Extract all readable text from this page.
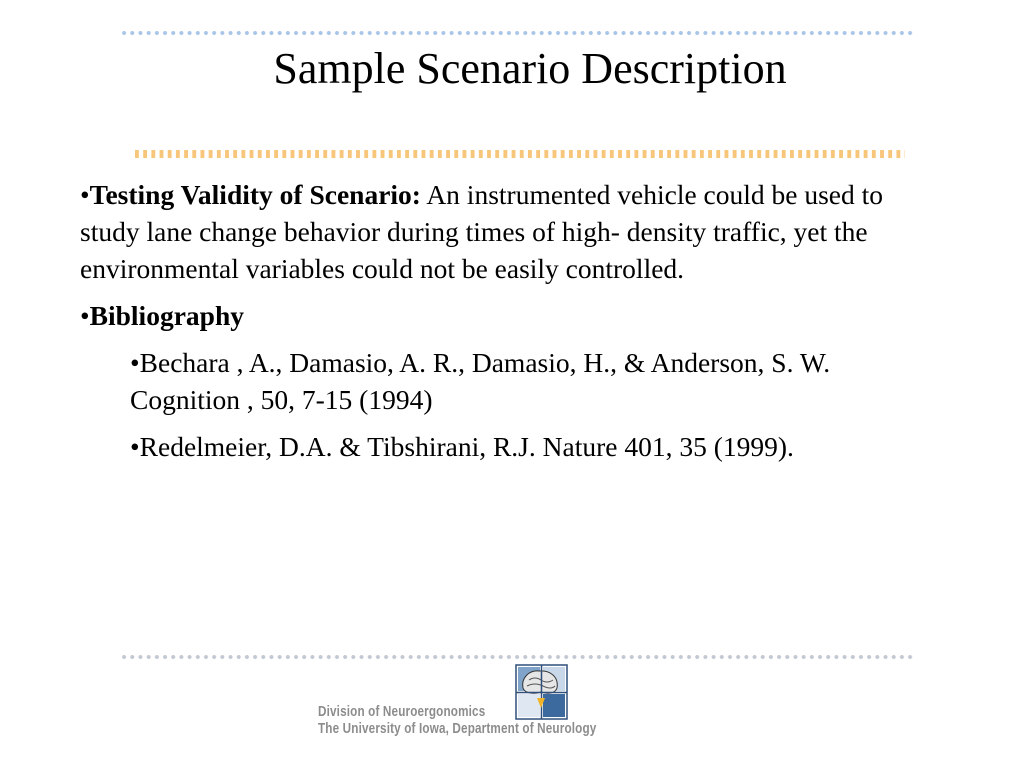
Sample Scenario Description

•Testing Validity of Scenario: An instrumented vehicle could be used to study lane change behavior during times of high- density traffic, yet the environmental variables could not be easily controlled.

•Bibliography

•Bechara , A., Damasio, A. R., Damasio, H., & Anderson, S. W. Cognition , 50, 7-15 (1994)

•Redelmeier, D.A. & Tibshirani, R.J. Nature 401, 35 (1999).

Division of Neuroergonomics
The University of Iowa, Department of Neurology
